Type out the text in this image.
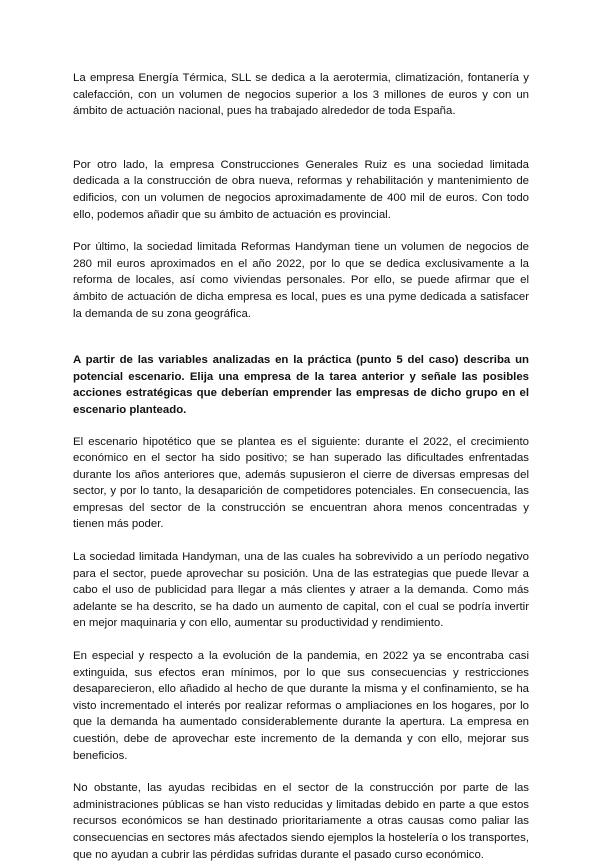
La empresa Energía Térmica, SLL se dedica a la aerotermia, climatización, fontanería y calefacción, con un volumen de negocios superior a los 3 millones de euros y con un ámbito de actuación nacional, pues ha trabajado alrededor de toda España.

Por otro lado, la empresa Construcciones Generales Ruiz es una sociedad limitada dedicada a la construcción de obra nueva, reformas y rehabilitación y mantenimiento de edificios, con un volumen de negocios aproximadamente de 400 mil de euros. Con todo ello, podemos añadir que su ámbito de actuación es provincial.

Por último, la sociedad limitada Reformas Handyman tiene un volumen de negocios de 280 mil euros aproximados en el año 2022, por lo que se dedica exclusivamente a la reforma de locales, así como viviendas personales. Por ello, se puede afirmar que el ámbito de actuación de dicha empresa es local, pues es una pyme dedicada a satisfacer la demanda de su zona geográfica.

A partir de las variables analizadas en la práctica (punto 5 del caso) describa un potencial escenario. Elija una empresa de la tarea anterior y señale las posibles acciones estratégicas que deberían emprender las empresas de dicho grupo en el escenario planteado.

El escenario hipotético que se plantea es el siguiente: durante el 2022, el crecimiento económico en el sector ha sido positivo; se han superado las dificultades enfrentadas durante los años anteriores que, además supusieron el cierre de diversas empresas del sector, y por lo tanto, la desaparición de competidores potenciales. En consecuencia, las empresas del sector de la construcción se encuentran ahora menos concentradas y tienen más poder.

La sociedad limitada Handyman, una de las cuales ha sobrevivido a un período negativo para el sector, puede aprovechar su posición. Una de las estrategias que puede llevar a cabo el uso de publicidad para llegar a más clientes y atraer a la demanda. Como más adelante se ha descrito, se ha dado un aumento de capital, con el cual se podría invertir en mejor maquinaria y con ello, aumentar su productividad y rendimiento.

En especial y respecto a la evolución de la pandemia, en 2022 ya se encontraba casi extinguida, sus efectos eran mínimos, por lo que sus consecuencias y restricciones desaparecieron, ello añadido al hecho de que durante la misma y el confinamiento, se ha visto incrementado el interés por realizar reformas o ampliaciones en los hogares, por lo que la demanda ha aumentado considerablemente durante la apertura. La empresa en cuestión, debe de aprovechar este incremento de la demanda y con ello, mejorar sus beneficios.

No obstante, las ayudas recibidas en el sector de la construcción por parte de las administraciones públicas se han visto reducidas y limitadas debido en parte a que estos recursos económicos se han destinado prioritariamente a otras causas como paliar las consecuencias en sectores más afectados siendo ejemplos la hostelería o los transportes, que no ayudan a cubrir las pérdidas sufridas durante el pasado curso económico.
